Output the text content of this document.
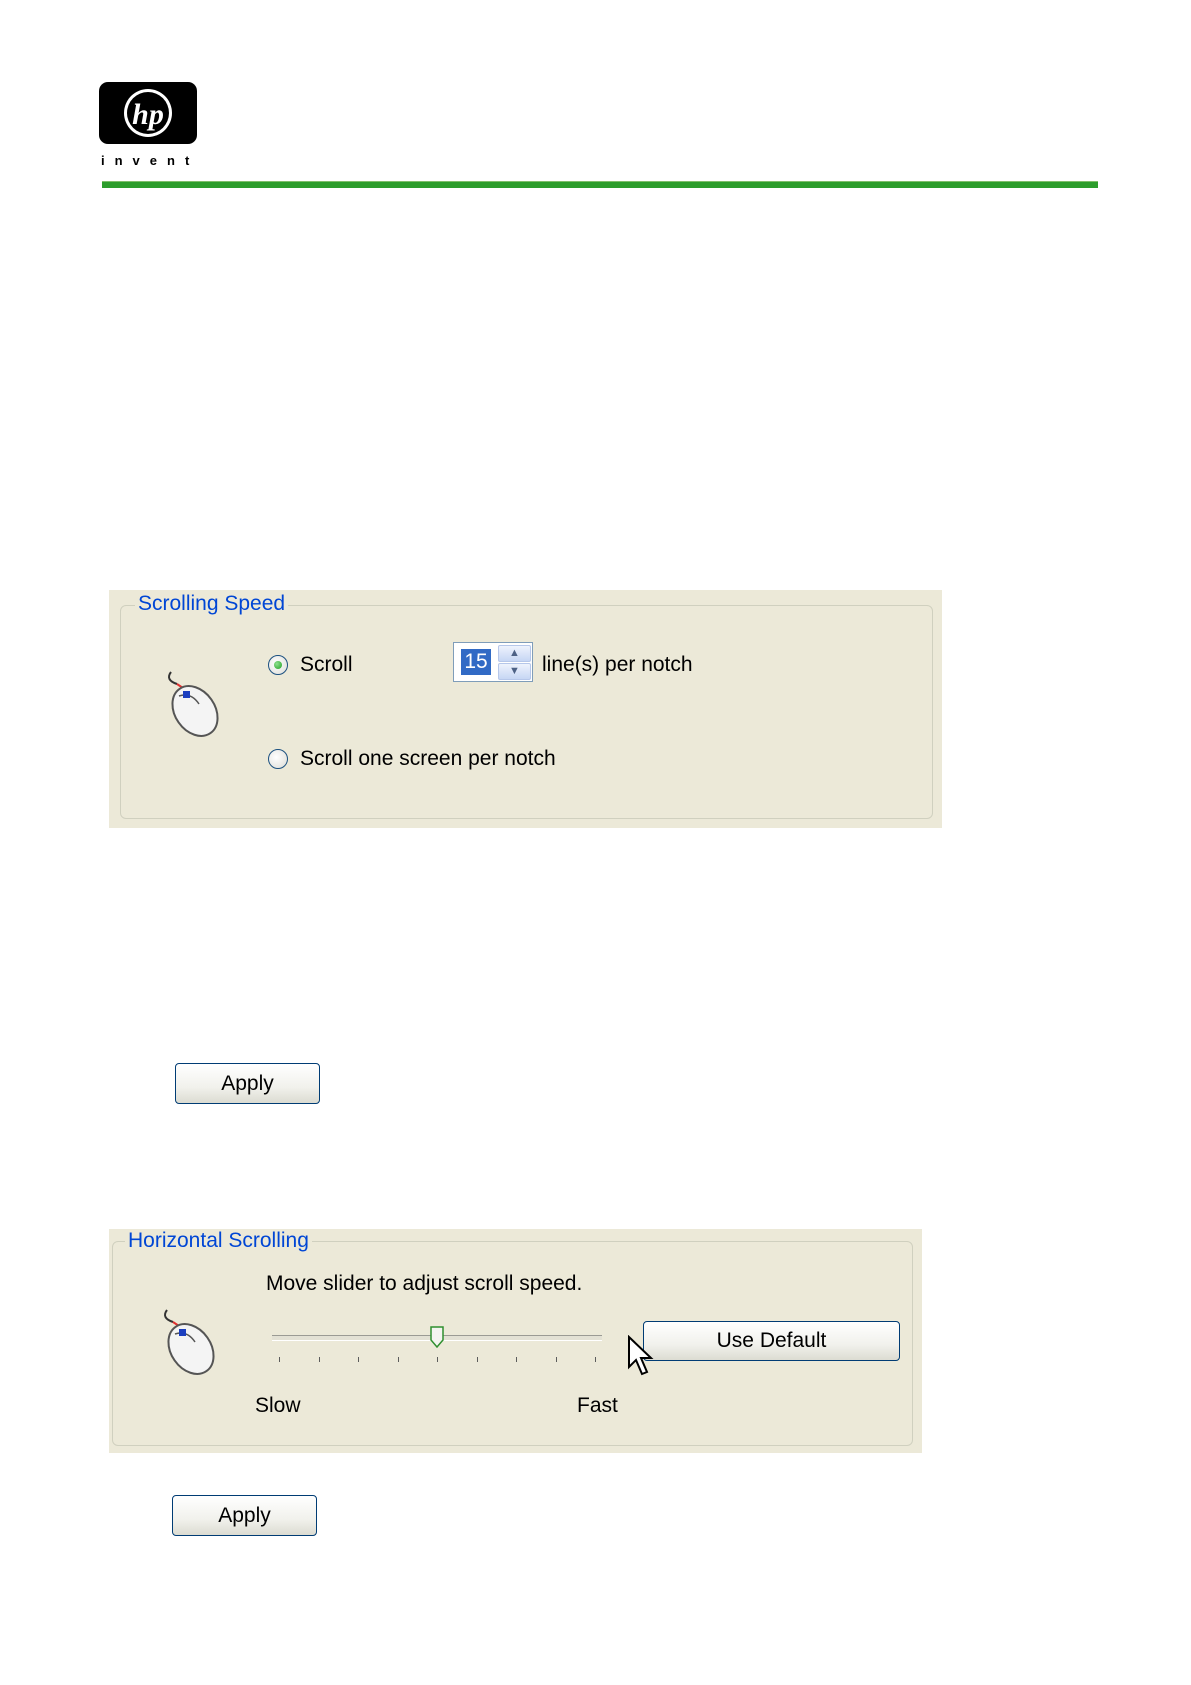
hp
invent
Scrolling Speed
Scroll	15	▲
▼	line(s) per notch
Scroll one screen per notch
Apply
Horizontal Scrolling
Move slider to adjust scroll speed.
Slow	Fast
Use Default
Apply
